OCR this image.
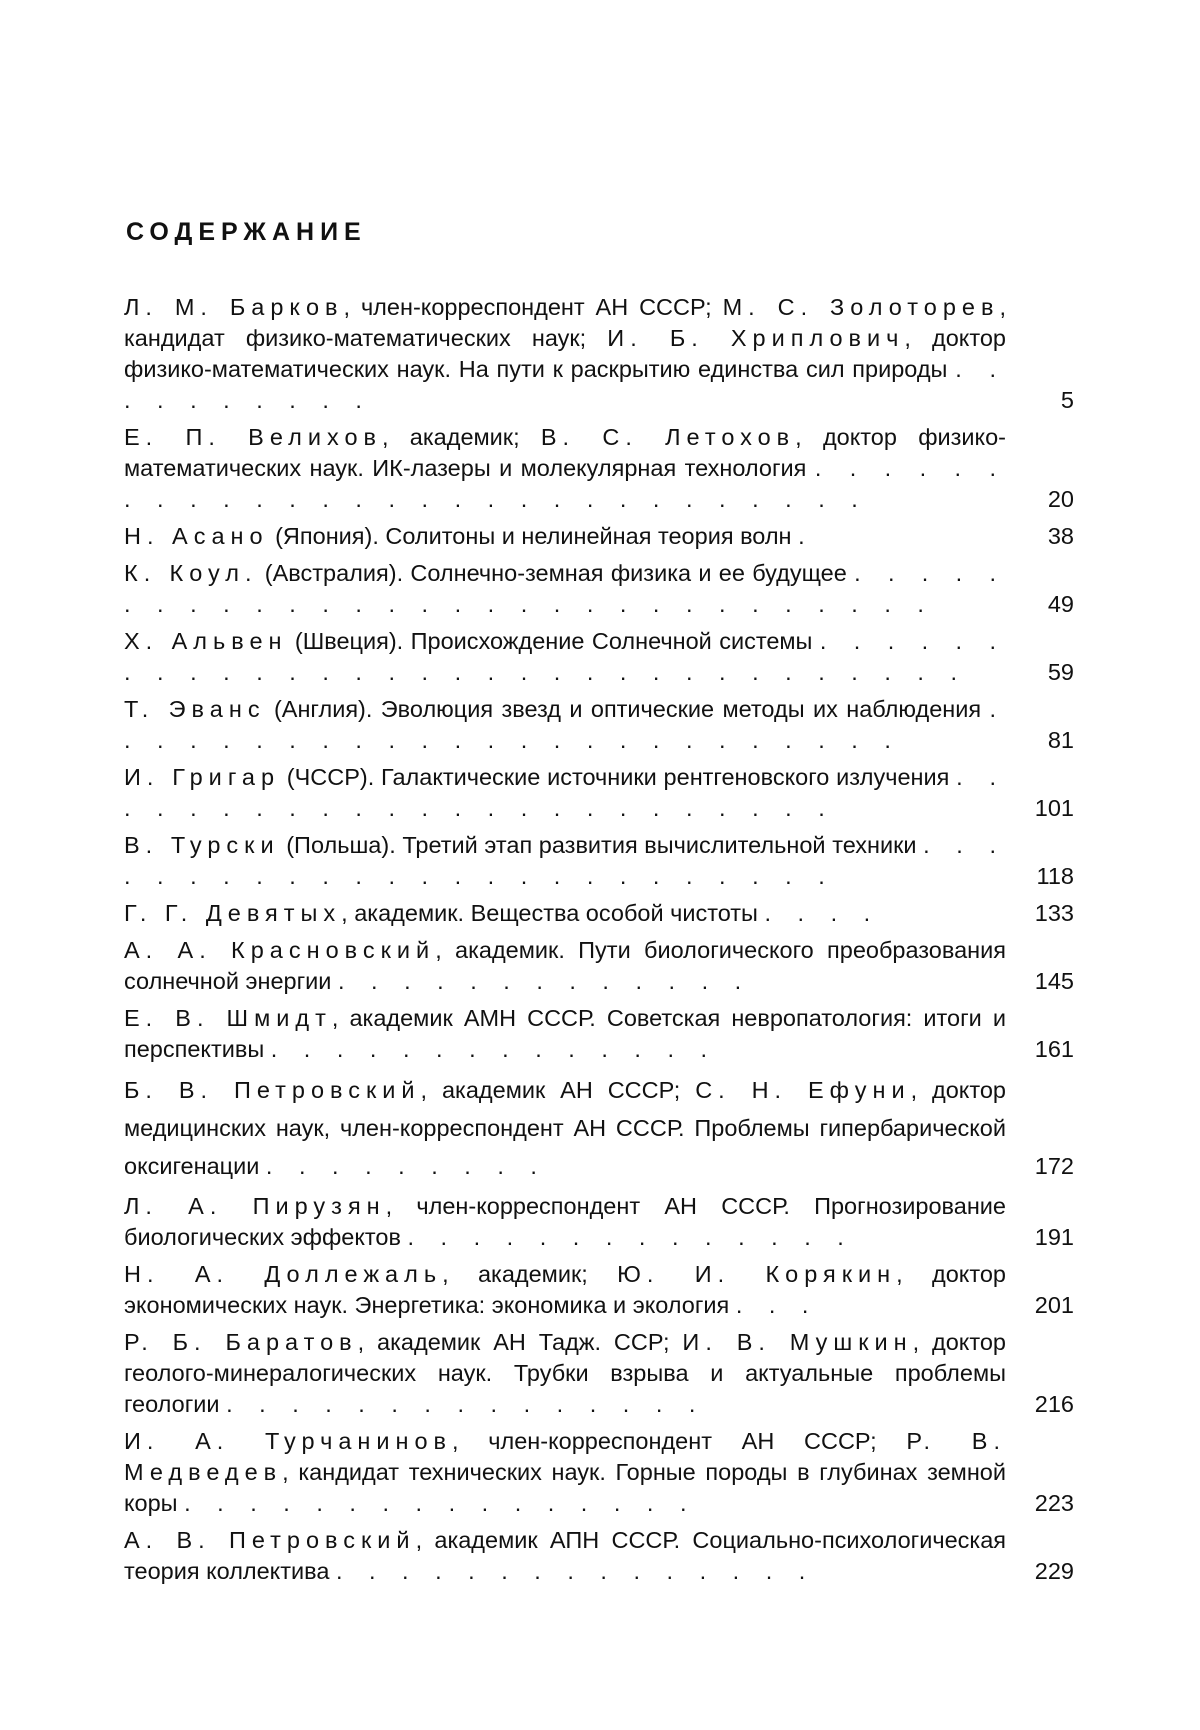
СОДЕРЖАНИЕ
Л. М. Барков, член-корреспондент АН СССР; М. С. Золоторев, кандидат физико-математических наук; И. Б. Хриплович, доктор физико-математических наук. На пути к раскрытию единства сил природы . . . . . . . . . .	5
Е. П. Велихов, академик; В. С. Летохов, доктор физико-математических наук. ИК-лазеры и молекулярная технология . . . . . . . . . . . . . . . . . . . . . . . . . . . . .	20
Н. Асано (Япония). Солитоны и нелинейная теория волн .	38
К. Коул. (Австралия). Солнечно-земная физика и ее будущее . . . . . . . . . . . . . . . . . . . . . . . . . . . . . .	49
Х. Альвен (Швеция). Происхождение Солнечной системы . . . . . . . . . . . . . . . . . . . . . . . . . . . . . . . .	59
Т. Эванс (Англия). Эволюция звезд и оптические методы их наблюдения . . . . . . . . . . . . . . . . . . . . . . . . .	81
И. Григар (ЧССР). Галактические источники рентгеновского излучения . . . . . . . . . . . . . . . . . . . . . . . .	101
В. Турски (Польша). Третий этап развития вычислительной техники . . . . . . . . . . . . . . . . . . . . . . . . .	118
Г. Г. Девятых, академик. Вещества особой чистоты . . . .	133
А. А. Красновский, академик. Пути биологического преобразования солнечной энергии . . . . . . . . . . . . .	145
Е. В. Шмидт, академик АМН СССР. Советская невропатология: итоги и перспективы . . . . . . . . . . . . . .	161
Б. В. Петровский, академик АН СССР; С. Н. Ефуни, доктор медицинских наук, член-корреспондент АН СССР. Проблемы гипербарической оксигенации . . . . . . . . .	172
Л. А. Пирузян, член-корреспондент АН СССР. Прогнозирование биологических эффектов . . . . . . . . . . . . . .	191
Н. А. Доллежаль, академик; Ю. И. Корякин, доктор экономических наук. Энергетика: экономика и экология . . .	201
Р. Б. Баратов, академик АН Тадж. ССР; И. В. Мушкин, доктор геолого-минералогических наук. Трубки взрыва и актуальные проблемы геологии . . . . . . . . . . . . . . .	216
И. А. Турчанинов, член-корреспондент АН СССР; Р. В. Медведев, кандидат технических наук. Горные породы в глубинах земной коры . . . . . . . . . . . . . . . .	223
А. В. Петровский, академик АПН СССР. Социально-психологическая теория коллектива . . . . . . . . . . . . . . .	229
